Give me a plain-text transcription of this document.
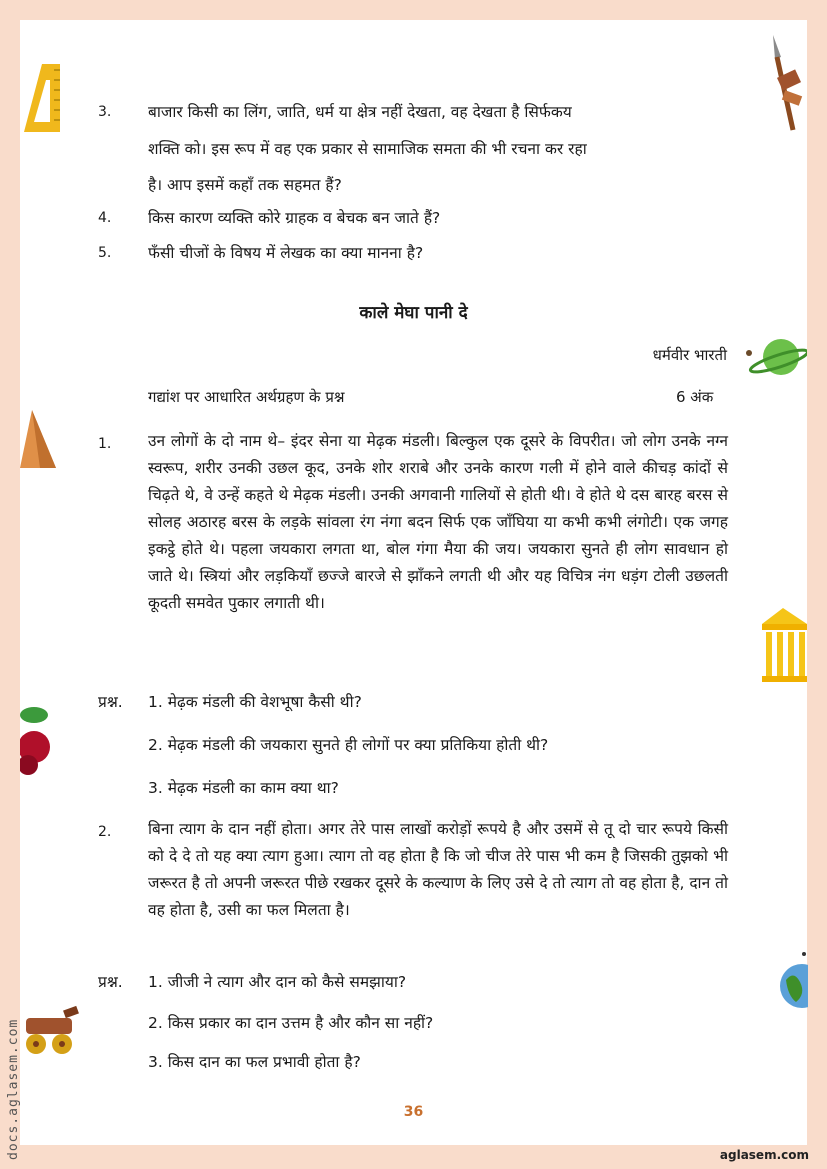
3. बाजार किसी का लिंग, जाति, धर्म या क्षेत्र नहीं देखता, वह देखता है सिर्फकय
शक्ति को। इस रूप में वह एक प्रकार से सामाजिक समता की भी रचना कर रहा
है। आप इसमें कहाँ तक सहमत हैं?
4. किस कारण व्यक्ति कोरे ग्राहक व बेचक बन जाते हैं?
5. फँसी चीजों के विषय में लेखक का क्या मानना है?
काले मेघा पानी दे
धर्मवीर भारती
गद्यांश पर आधारित अर्थग्रहण के प्रश्न	6 अंक
1. उन लोगों के दो नाम थे– इंदर सेना या मेढ़क मंडली। बिल्कुल एक दूसरे के विपरीत। जो लोग उनके नग्न स्वरूप, शरीर उनकी उछल कूद, उनके शोर शराबे और उनके कारण गली में होने वाले कीचड़ कांदों से चिढ़ते थे, वे उन्हें कहते थे मेढ़क मंडली। उनकी अगवानी गालियों से होती थी। वे होते थे दस बारह बरस से सोलह अठारह बरस के लड़के सांवला रंग नंगा बदन सिर्फ एक जाँघिया या कभी कभी लंगोटी। एक जगह इकट्ठे होते थे। पहला जयकारा लगता था, बोल गंगा मैया की जय। जयकारा सुनते ही लोग सावधान हो जाते थे। स्त्रियां और लड़कियाँ छज्जे बारजे से झाँकने लगती थी और यह विचित्र नंग धड़ंग टोली उछलती कूदती समवेत पुकार लगाती थी।
प्रश्न. 1. मेढ़क मंडली की वेशभूषा कैसी थी?
2. मेढ़क मंडली की जयकारा सुनते ही लोगों पर क्या प्रतिकिया होती थी?
3. मेढ़क मंडली का काम क्या था?
2. बिना त्याग के दान नहीं होता। अगर तेरे पास लाखों करोड़ों रूपये है और उसमें से तू दो चार रूपये किसी को दे दे तो यह क्या त्याग हुआ। त्याग तो वह होता है कि जो चीज तेरे पास भी कम है जिसकी तुझको भी जरूरत है तो अपनी जरूरत पीछे रखकर दूसरे के कल्याण के लिए उसे दे तो त्याग तो वह होता है, दान तो वह होता है, उसी का फल मिलता है।
प्रश्न. 1. जीजी ने त्याग और दान को कैसे समझाया?
2. किस प्रकार का दान उत्तम है और कौन सा नहीं?
3. किस दान का फल प्रभावी होता है?
36
aglasem.com
docs.aglasem.com
